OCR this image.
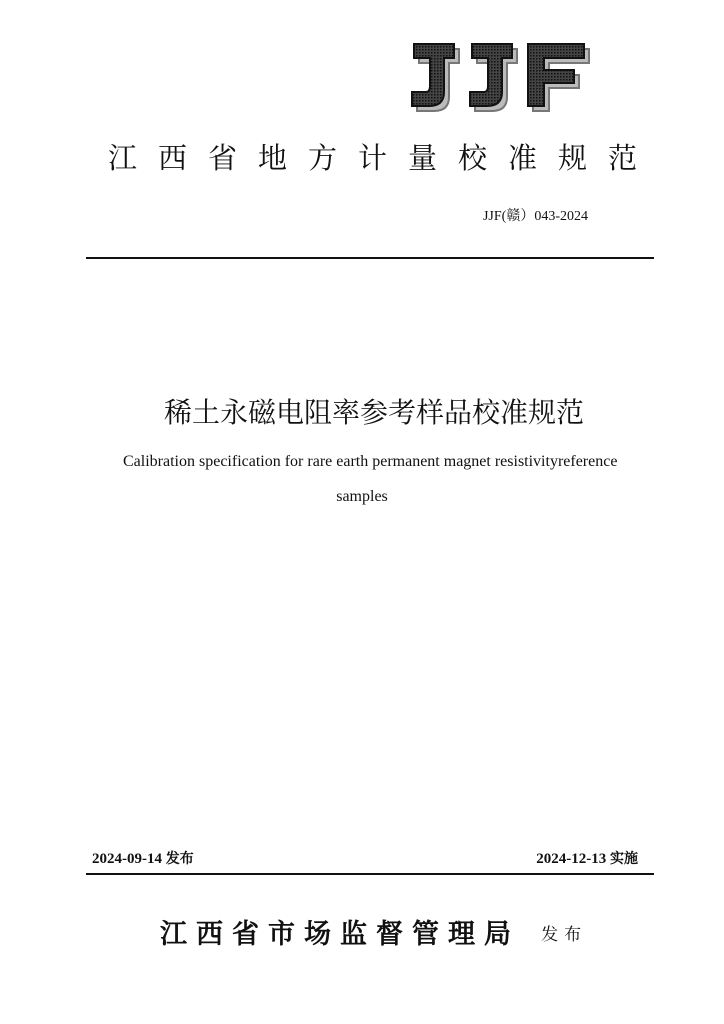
江西省地方计量校准规范
JJF(赣）043-2024
稀土永磁电阻率参考样品校准规范
Calibration specification for rare earth permanent magnet resistivityreference
samples
2024-09-14 发布	2024-12-13 实施
江西省市场监督管理局 发布
